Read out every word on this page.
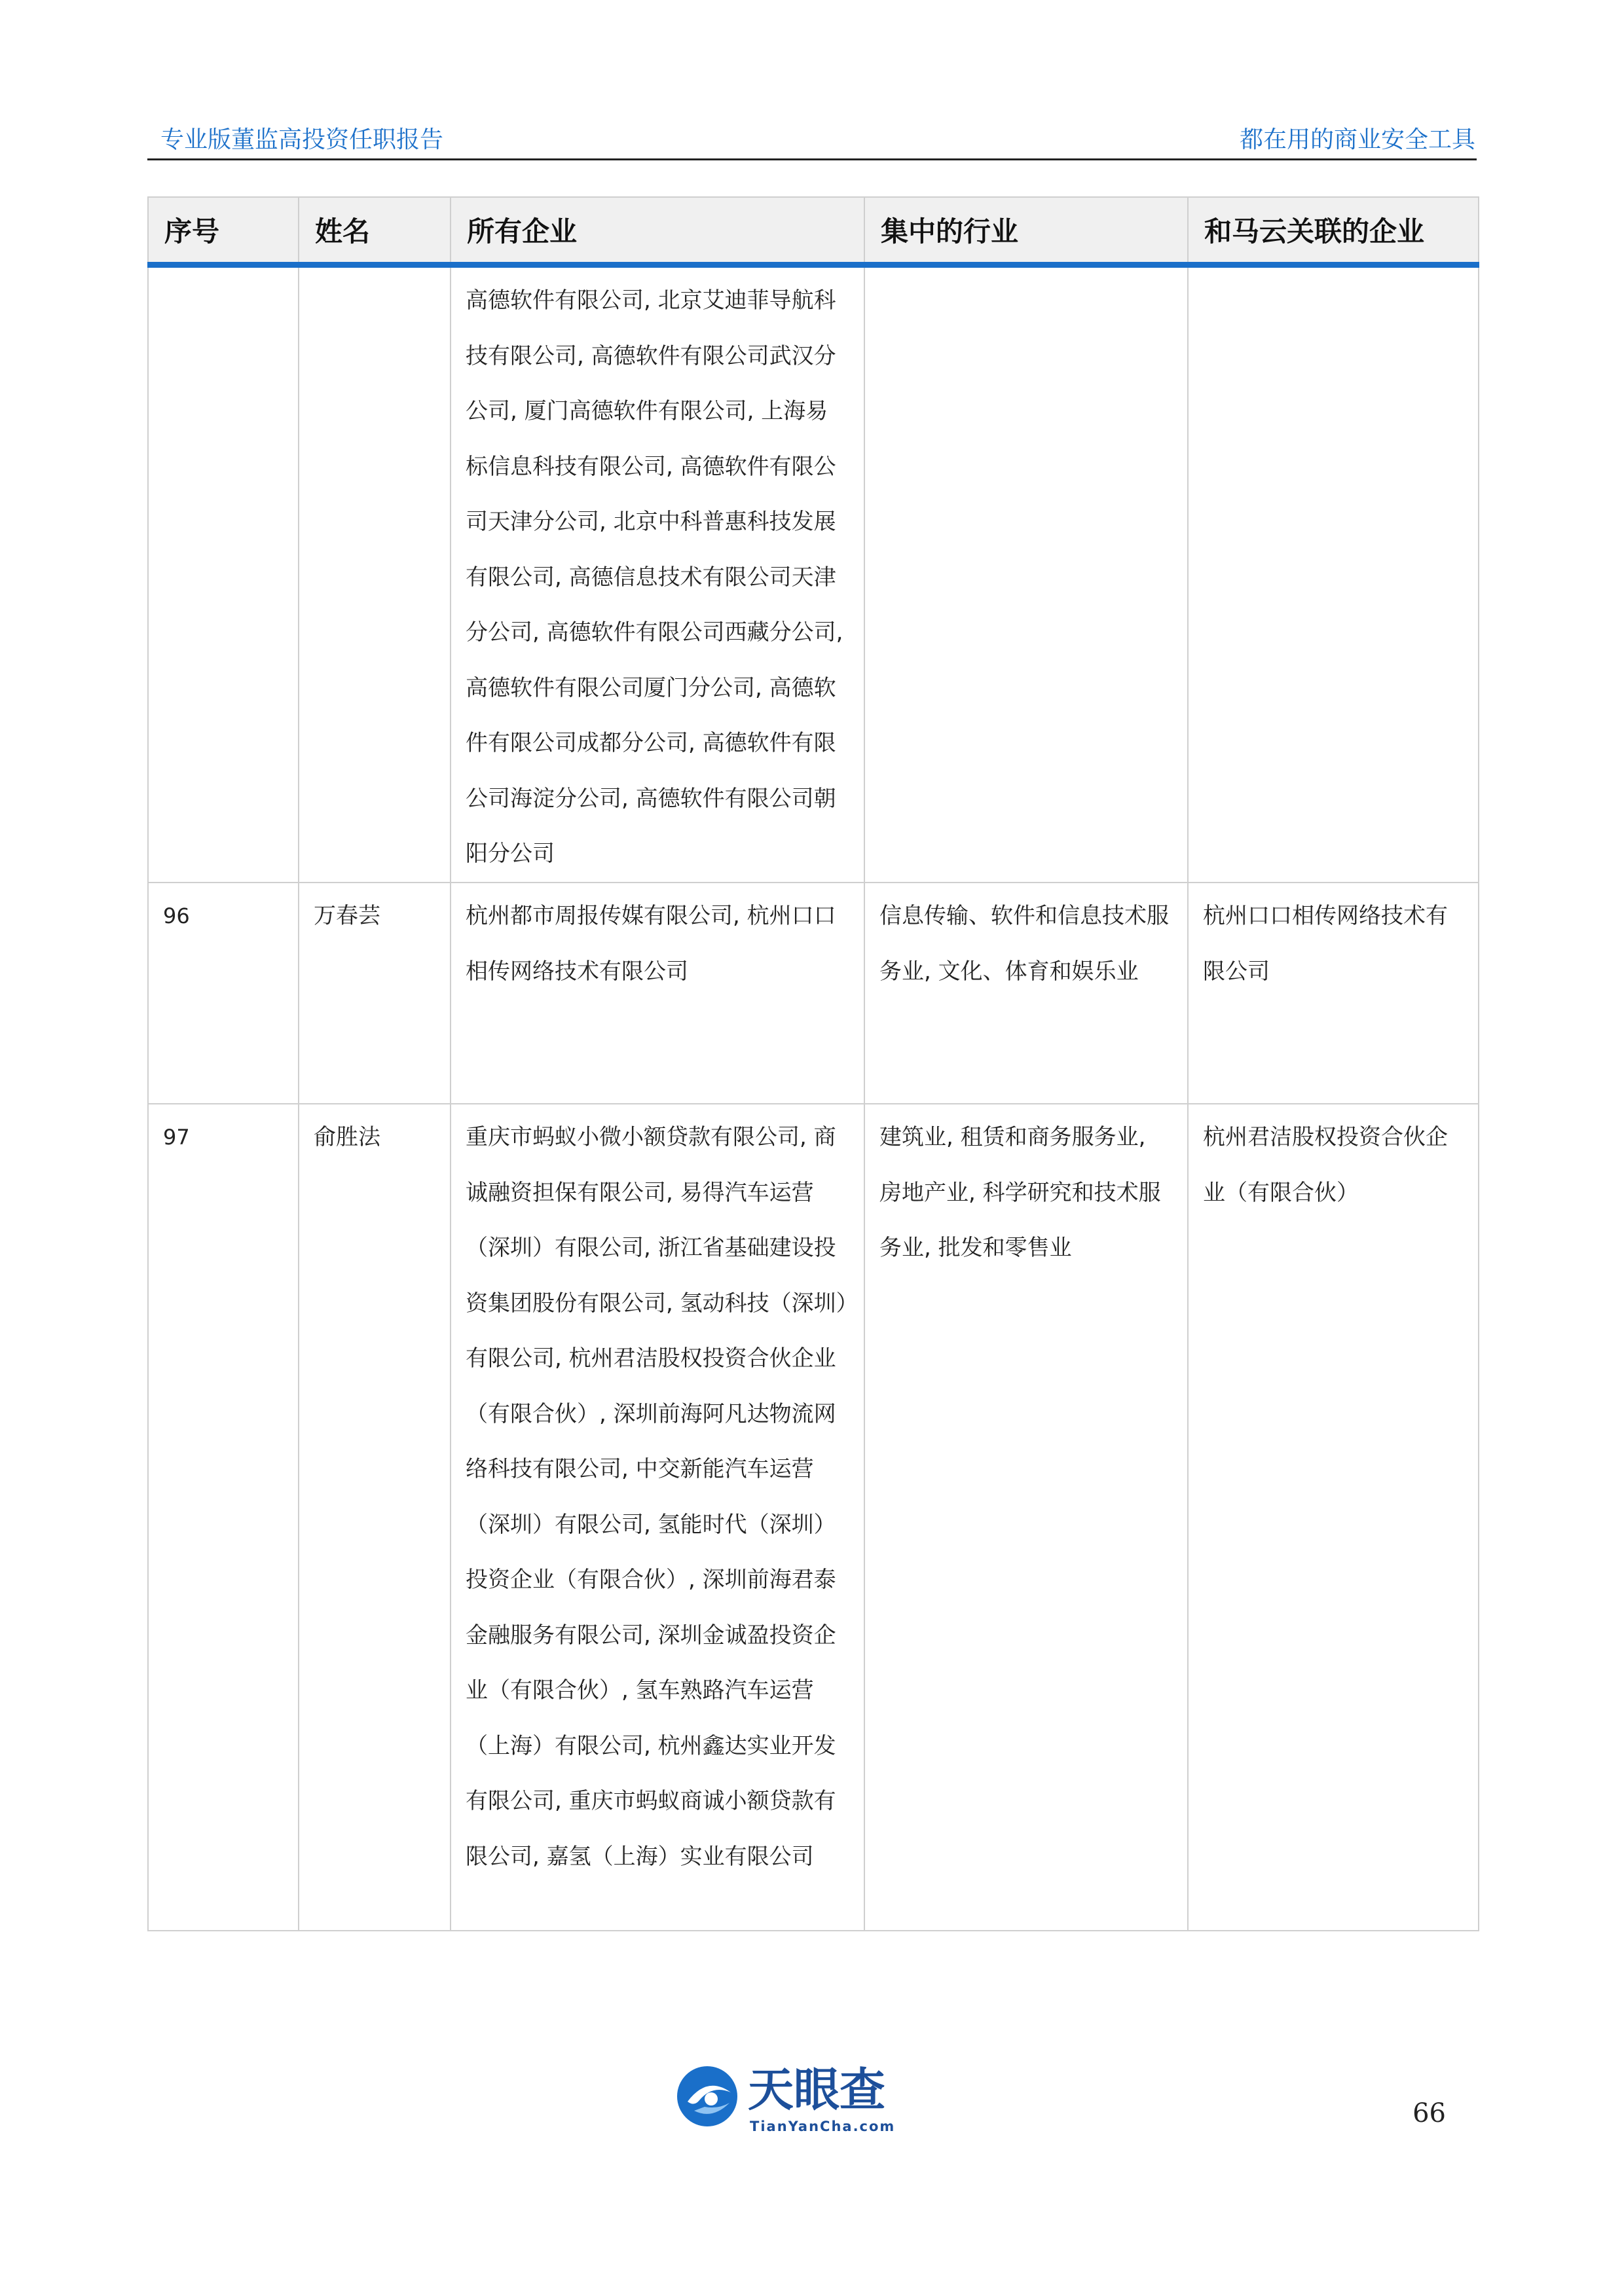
专业版董监高投资任职报告	都在用的商业安全工具
序号	姓名	所有企业	集中的行业	和马云关联的企业
		高德软件有限公司, 北京艾迪菲导航科技有限公司, 高德软件有限公司武汉分公司, 厦门高德软件有限公司, 上海易标信息科技有限公司, 高德软件有限公司天津分公司, 北京中科普惠科技发展有限公司, 高德信息技术有限公司天津分公司, 高德软件有限公司西藏分公司, 高德软件有限公司厦门分公司, 高德软件有限公司成都分公司, 高德软件有限公司海淀分公司, 高德软件有限公司朝阳分公司		
96	万春芸	杭州都市周报传媒有限公司, 杭州口口相传网络技术有限公司	信息传输、软件和信息技术服务业, 文化、体育和娱乐业	杭州口口相传网络技术有限公司
97	俞胜法	重庆市蚂蚁小微小额贷款有限公司, 商诚融资担保有限公司, 易得汽车运营（深圳）有限公司, 浙江省基础建设投资集团股份有限公司, 氢动科技（深圳）有限公司, 杭州君洁股权投资合伙企业（有限合伙）, 深圳前海阿凡达物流网络科技有限公司, 中交新能汽车运营（深圳）有限公司, 氢能时代（深圳）投资企业（有限合伙）, 深圳前海君泰金融服务有限公司, 深圳金诚盈投资企业（有限合伙）, 氢车熟路汽车运营（上海）有限公司, 杭州鑫达实业开发有限公司, 重庆市蚂蚁商诚小额贷款有限公司, 嘉氢（上海）实业有限公司	建筑业, 租赁和商务服务业, 房地产业, 科学研究和技术服务业, 批发和零售业	杭州君洁股权投资合伙企业（有限合伙）
天眼查
TianYanCha.com	66
